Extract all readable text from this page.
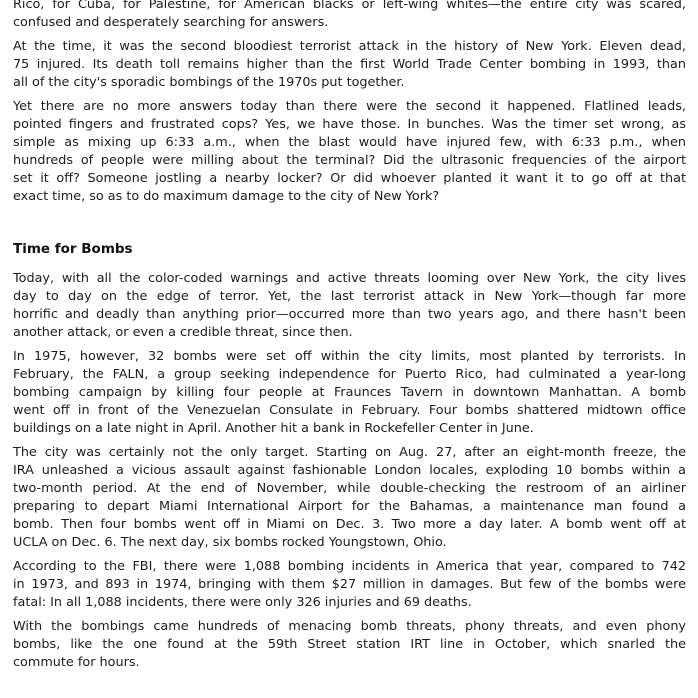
Rico, for Cuba, for Palestine, for American blacks or left-wing whites—the entire city was scared,
confused and desperately searching for answers.
At the time, it was the second bloodiest terrorist attack in the history of New York. Eleven dead,
75 injured. Its death toll remains higher than the first World Trade Center bombing in 1993, than
all of the city's sporadic bombings of the 1970s put together.
Yet there are no more answers today than there were the second it happened. Flatlined leads,
pointed fingers and frustrated cops? Yes, we have those. In bunches. Was the timer set wrong, as
simple as mixing up 6:33 a.m., when the blast would have injured few, with 6:33 p.m., when
hundreds of people were milling about the terminal? Did the ultrasonic frequencies of the airport
set it off? Someone jostling a nearby locker? Or did whoever planted it want it to go off at that
exact time, so as to do maximum damage to the city of New York?
Time for Bombs
Today, with all the color-coded warnings and active threats looming over New York, the city lives
day to day on the edge of terror. Yet, the last terrorist attack in New York—though far more
horrific and deadly than anything prior—occurred more than two years ago, and there hasn't been
another attack, or even a credible threat, since then.
In 1975, however, 32 bombs were set off within the city limits, most planted by terrorists. In
February, the FALN, a group seeking independence for Puerto Rico, had culminated a year-long
bombing campaign by killing four people at Fraunces Tavern in downtown Manhattan. A bomb
went off in front of the Venezuelan Consulate in February. Four bombs shattered midtown office
buildings on a late night in April. Another hit a bank in Rockefeller Center in June.
The city was certainly not the only target. Starting on Aug. 27, after an eight-month freeze, the
IRA unleashed a vicious assault against fashionable London locales, exploding 10 bombs within a
two-month period. At the end of November, while double-checking the restroom of an airliner
preparing to depart Miami International Airport for the Bahamas, a maintenance man found a
bomb. Then four bombs went off in Miami on Dec. 3. Two more a day later. A bomb went off at
UCLA on Dec. 6. The next day, six bombs rocked Youngstown, Ohio.
According to the FBI, there were 1,088 bombing incidents in America that year, compared to 742
in 1973, and 893 in 1974, bringing with them $27 million in damages. But few of the bombs were
fatal: In all 1,088 incidents, there were only 326 injuries and 69 deaths.
With the bombings came hundreds of menacing bomb threats, phony threats, and even phony
bombs, like the one found at the 59th Street station IRT line in October, which snarled the
commute for hours.
